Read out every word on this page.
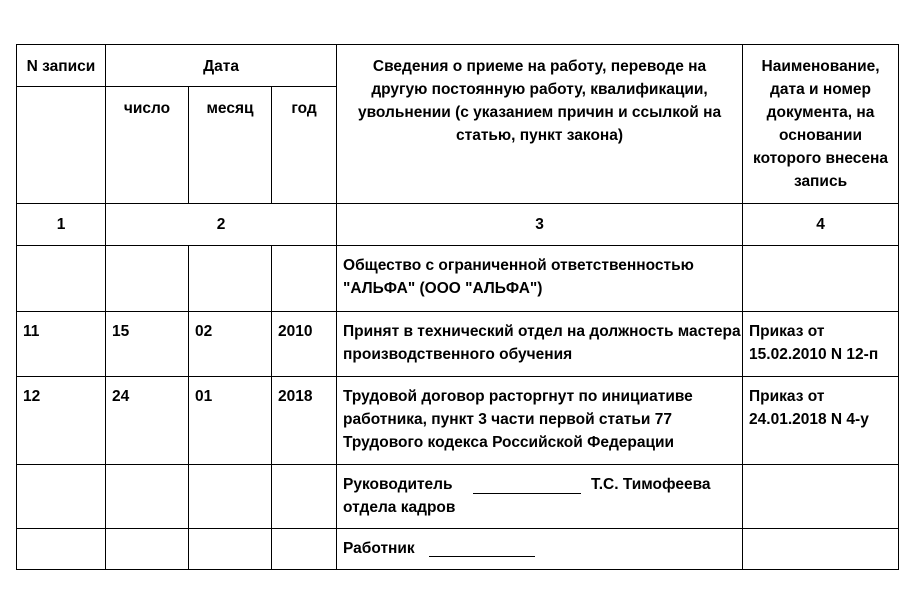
N записи	Дата			Сведения о приеме на работу, переводе на другую постоянную работу, квалификации, увольнении (с указанием причин и ссылкой на статью, пункт закона)	Наименование, дата и номер документа, на основании которого внесена запись
	число	месяц	год		
1	2			3	4
				Общество с ограниченной ответственностью "АЛЬФА" (ООО "АЛЬФА")	
11	15	02	2010	Принят в технический отдел на должность мастера производственного обучения	Приказ от 15.02.2010 N 12-п
12	24	01	2018	Трудовой договор расторгнут по инициативе работника, пункт 3 части первой статьи 77 Трудового кодекса Российской Федерации	Приказ от 24.01.2018 N 4-у

				Руководитель Т.С. Тимофеева
отдела кадров	

				Работник	
